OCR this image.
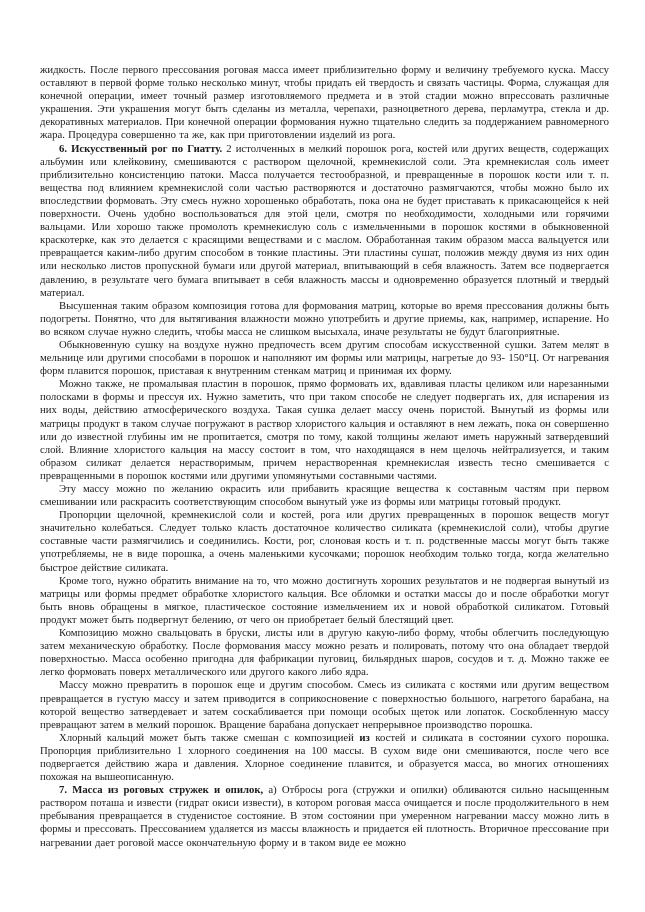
жидкость. После первого прессования роговая масса имеет приблизительно форму и величину требуемого куска. Массу оставляют в первой форме только несколько минут, чтобы придать ей твердость и связать частицы. Форма, служащая для конечной операции, имеет точный размер изготовляемого предмета и в этой стадии можно впрессовать различные украшения. Эти украшения могут быть сделаны из металла, черепахи, разноцветного дерева, перламутра, стекла и др. декоративных материалов. При конечной операции формования нужно тщательно следить за поддержанием равномерного жара. Процедура совершенно та же, как при приготовлении изделий из рога.

6. Искусственный рог по Гиатту. 2 истолченных в мелкий порошок рога, костей или других веществ, содержащих альбумин или клейковину, смешиваются с раствором щелочной, кремнекислой соли. Эта кремнекислая соль имеет приблизительно консистенцию патоки. Масса получается тестообразной, и превращенные в порошок кости или т. п. вещества под влиянием кремнекислой соли частью растворяются и достаточно размягчаются, чтобы можно было их впоследствии формовать. Эту смесь нужно хорошенько обработать, пока она не будет приставать к прикасающейся к ней поверхности. Очень удобно воспользоваться для этой цели, смотря по необходимости, холодными или горячими вальцами. Или хорошо также промолоть кремнекислую соль с измельченными в порошок костями в обыкновенной краскотерке, как это делается с красящими веществами и с маслом. Обработанная таким образом масса вальцуется или превращается каким-либо другим способом в тонкие пластины. Эти пластины сушат, положив между двумя из них один или несколько листов пропускной бумаги или другой материал, впитывающий в себя влажность. Затем все подвергается давлению, в результате чего бумага впитывает в себя влажность массы и одновременно образуется плотный и твердый материал.

Высушенная таким образом композиция готова для формования матриц, которые во время прессования должны быть подогреты. Понятно, что для вытягивания влажности можно употребить и другие приемы, как, например, испарение. Но во всяком случае нужно следить, чтобы масса не слишком высыхала, иначе результаты не будут благоприятные.

Обыкновенную сушку на воздухе нужно предпочесть всем другим способам искусственной сушки. Затем мелят в мельнице или другими способами в порошок и наполняют им формы или матрицы, нагретые до 93- 150°Ц. От нагревания форм плавится порошок, приставая к внутренним стенкам матриц и принимая их форму.

Можно также, не промалывая пластин в порошок, прямо формовать их, вдавливая пласты целиком или нарезанными полосками в формы и прессуя их. Нужно заметить, что при таком способе не следует подвергать их, для испарения из них воды, действию атмосферического воздуха. Такая сушка делает массу очень пористой. Вынутый из формы или матрицы продукт в таком случае погружают в раствор хлористого кальция и оставляют в нем лежать, пока он совершенно или до известной глубины им не пропитается, смотря по тому, какой толщины желают иметь наружный затвердевший слой. Влияние хлористого кальция на массу состоит в том, что находящаяся в нем щелочь нейтрализуется, и таким образом силикат делается нерастворимым, причем нерастворенная кремнекислая известь тесно смешивается с превращенными в порошок костями или другими упомянутыми составными частями.

Эту массу можно по желанию окрасить или прибавить красящие вещества к составным частям при первом смешивании или раскрасить соответствующим способом вынутый уже из формы или матрицы готовый продукт.

Пропорции щелочной, кремнекислой соли и костей, рога или других превращенных в порошок веществ могут значительно колебаться. Следует только класть достаточное количество силиката (кремнекислой соли), чтобы другие составные части размягчились и соединились. Кости, рог, слоновая кость и т. п. родственные массы могут быть также употребляемы, не в виде порошка, а очень маленькими кусочками; порошок необходим только тогда, когда желательно быстрое действие силиката.

Кроме того, нужно обратить внимание на то, что можно достигнуть хороших результатов и не подвергая вынутый из матрицы или формы предмет обработке хлористого кальция. Все обломки и остатки массы до и после обработки могут быть вновь обращены в мягкое, пластическое состояние измельчением их и новой обработкой силикатом. Готовый продукт может быть подвергнут белению, от чего он приобретает белый блестящий цвет.

Композицию можно свальцовать в бруски, листы или в другую какую-либо форму, чтобы облегчить последующую затем механическую обработку. После формования массу можно резать и полировать, потому что она обладает твердой поверхностью. Масса особенно пригодна для фабрикации пуговиц, бильярдных шаров, сосудов и т. д. Можно также ее легко формовать поверх металлического или другого какого либо ядра.

Массу можно превратить в порошок еще и другим способом. Смесь из силиката с костями или другим веществом превращается в густую массу и затем приводится в соприкосновение с поверхностью большого, нагретого барабана, на которой вещество затвердевает и затем соскабливается при помощи особых щеток или лопаток. Соскобленную массу превращают затем в мелкий порошок. Вращение барабана допускает непрерывное производство порошка.

Хлорный кальций может быть также смешан с композицией из костей и силиката в состоянии сухого порошка. Пропорция приблизительно 1 хлорного соединения на 100 массы. В сухом виде они смешиваются, после чего все подвергается действию жара и давления. Хлорное соединение плавится, и образуется масса, во многих отношениях похожая на вышеописанную.

7. Масса из роговых стружек и опилок, а) Отбросы рога (стружки и опилки) обливаются сильно насыщенным раствором поташа и извести (гидрат окиси извести), в котором роговая масса очищается и после продолжительного в нем пребывания превращается в студенистое состояние. В этом состоянии при умеренном нагревании массу можно лить в формы и прессовать. Прессованием удаляется из массы влажность и придается ей плотность. Вторичное прессование при нагревании дает роговой массе окончательную форму и в таком виде ее можно
